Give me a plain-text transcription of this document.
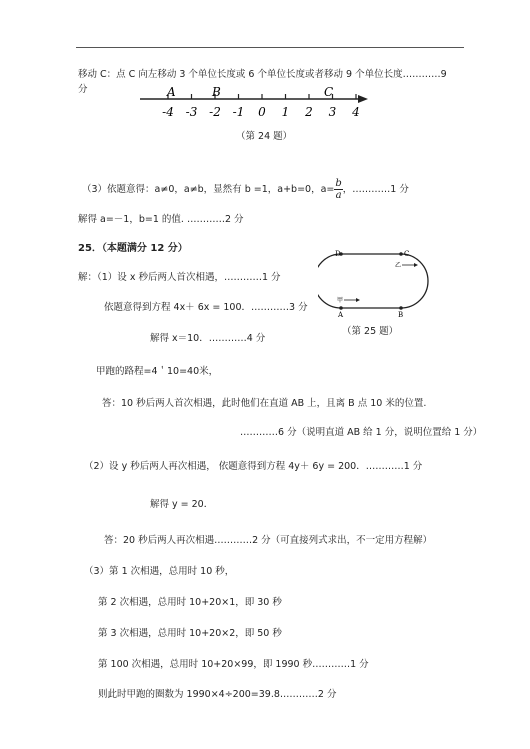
移动 C：点 C 向左移动 3 个单位长度或 6 个单位长度或者移动 9 个单位长度…………9
分
-4 -3 -2 -1 0 1 2 3 4
A	B	C
（第 24 题）
（3）依题意得：a≠0，a≠b，显然有 b =1，a+b=0，$a= \frac{b}{a}$ ，…………1 分
解得 a=－1，b=1 的值. …………2 分
25．（本题满分 12 分）
解：（1）设 x 秒后两人首次相遇，…………1 分
依题意得到方程 4x＋ 6x = 100．…………3 分
解得 x＝10．…………4 分
D	C
A	B
乙
甲
（第 25 题）
甲跑的路程=4＇10=40米，
答：10 秒后两人首次相遇，此时他们在直道 AB 上，且离 B 点 10 米的位置.
…………6 分（说明直道 AB 给 1 分，说明位置给 1 分）
（2）设 y 秒后两人再次相遇， 依题意得到方程 4y＋ 6y = 200．…………1 分
解得 y = 20．
答：20 秒后两人再次相遇…………2 分（可直接列式求出，不一定用方程解）
（3）第 1 次相遇，总用时 10 秒，
第 2 次相遇，总用时 10+20×1，即 30 秒
第 3 次相遇，总用时 10+20×2，即 50 秒
第 100 次相遇，总用时 10+20×99，即 1990 秒…………1 分
则此时甲跑的圈数为 1990×4÷200=39.8…………2 分
